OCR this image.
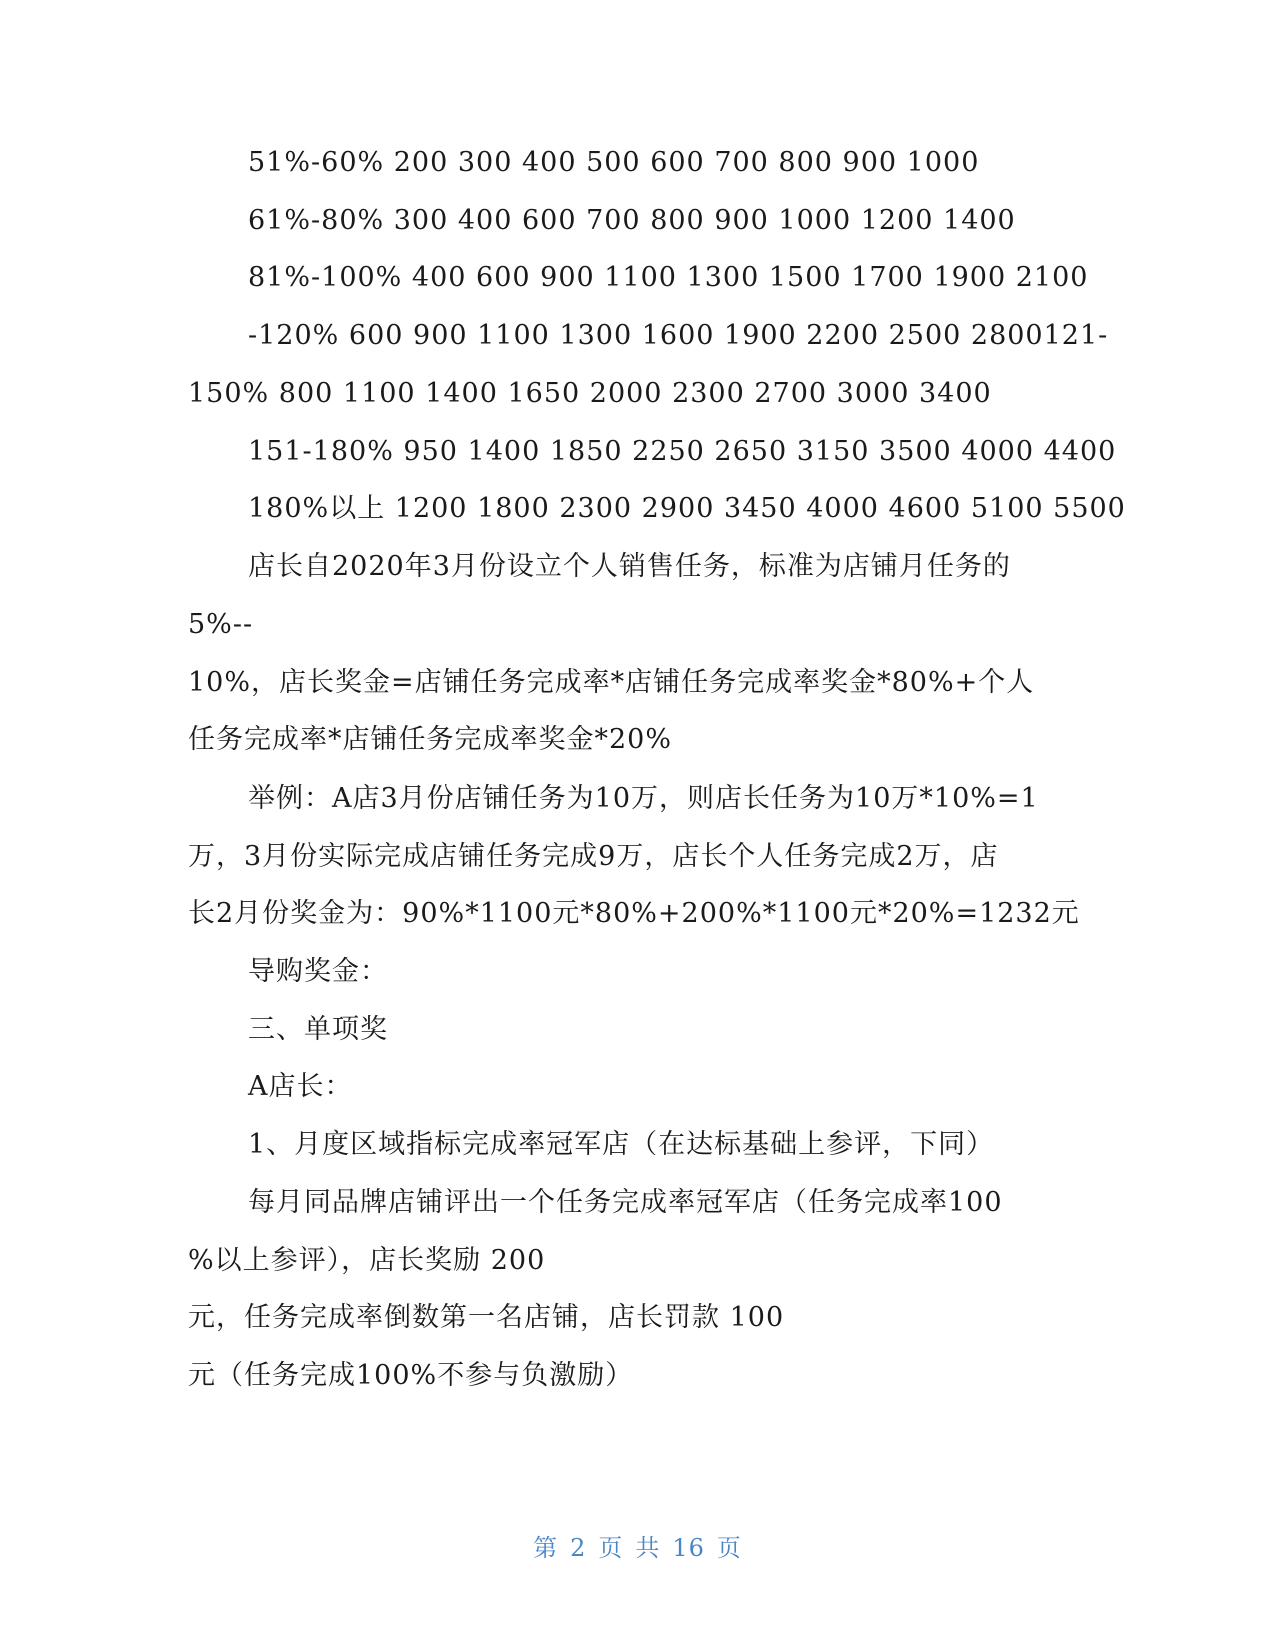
51%-60% 200 300 400 500 600 700 800 900 1000
61%-80% 300 400 600 700 800 900 1000 1200 1400
81%-100% 400 600 900 1100 1300 1500 1700 1900 2100
-120% 600 900 1100 1300 1600 1900 2200 2500 2800121-
150% 800 1100 1400 1650 2000 2300 2700 3000 3400
151-180% 950 1400 1850 2250 2650 3150 3500 4000 4400
180%以上 1200 1800 2300 2900 3450 4000 4600 5100 5500
店长自2020年3月份设立个人销售任务，标准为店铺月任务的
5%--
10%，店长奖金=店铺任务完成率*店铺任务完成率奖金*80%+个人
任务完成率*店铺任务完成率奖金*20%
举例：A店3月份店铺任务为10万，则店长任务为10万*10%=1
万，3月份实际完成店铺任务完成9万，店长个人任务完成2万，店
长2月份奖金为：90%*1100元*80%+200%*1100元*20%=1232元
导购奖金：
三、单项奖
A店长：
1、月度区域指标完成率冠军店（在达标基础上参评，下同）
每月同品牌店铺评出一个任务完成率冠军店（任务完成率100
%以上参评），店长奖励 200
元，任务完成率倒数第一名店铺，店长罚款 100
元（任务完成100%不参与负激励）
第 2 页 共 16 页
